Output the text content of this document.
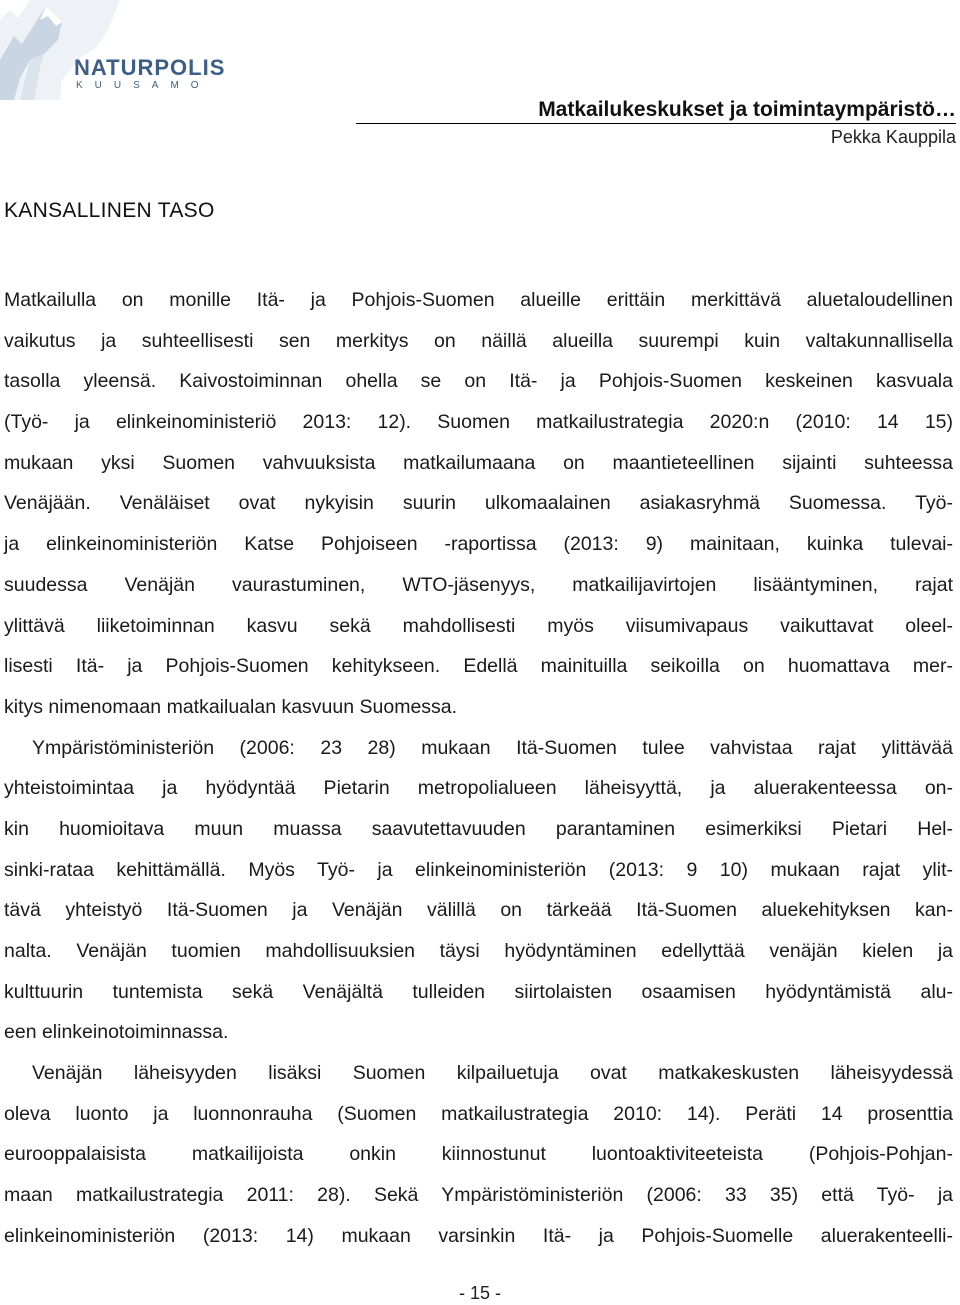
NATURPOLIS
KUUSAMO
Matkailukeskukset ja toimintaympäristö…
Pekka Kauppila
KANSALLINEN TASO
Matkailulla on monille Itä- ja Pohjois-Suomen alueille erittäin merkittävä aluetaloudellinen
vaikutus ja suhteellisesti sen merkitys on näillä alueilla suurempi kuin valtakunnallisella
tasolla yleensä. Kaivostoiminnan ohella se on Itä- ja Pohjois-Suomen keskeinen kasvuala
(Työ- ja elinkeinoministeriö 2013: 12). Suomen matkailustrategia 2020:n (2010: 14 15)
mukaan yksi Suomen vahvuuksista matkailumaana on maantieteellinen sijainti suhteessa
Venäjään. Venäläiset ovat nykyisin suurin ulkomaalainen asiakasryhmä Suomessa. Työ-
ja elinkeinoministeriön Katse Pohjoiseen -raportissa (2013: 9) mainitaan, kuinka tulevai-
suudessa Venäjän vaurastuminen, WTO-jäsenyys, matkailijavirtojen lisääntyminen, rajat
ylittävä liiketoiminnan kasvu sekä mahdollisesti myös viisumivapaus vaikuttavat oleel-
lisesti Itä- ja Pohjois-Suomen kehitykseen. Edellä mainituilla seikoilla on huomattava mer-
kitys nimenomaan matkailualan kasvuun Suomessa.
Ympäristöministeriön (2006: 23 28) mukaan Itä-Suomen tulee vahvistaa rajat ylittävää
yhteistoimintaa ja hyödyntää Pietarin metropolialueen läheisyyttä, ja aluerakenteessa on-
kin huomioitava muun muassa saavutettavuuden parantaminen esimerkiksi Pietari Hel-
sinki-rataa kehittämällä. Myös Työ- ja elinkeinoministeriön (2013: 9 10) mukaan rajat ylit-
tävä yhteistyö Itä-Suomen ja Venäjän välillä on tärkeää Itä-Suomen aluekehityksen kan-
nalta. Venäjän tuomien mahdollisuuksien täysi hyödyntäminen edellyttää venäjän kielen ja
kulttuurin tuntemista sekä Venäjältä tulleiden siirtolaisten osaamisen hyödyntämistä alu-
een elinkeinotoiminnassa.
Venäjän läheisyyden lisäksi Suomen kilpailuetuja ovat matkakeskusten läheisyydessä
oleva luonto ja luonnonrauha (Suomen matkailustrategia 2010: 14). Peräti 14 prosenttia
eurooppalaisista matkailijoista onkin kiinnostunut luontoaktiviteeteista (Pohjois-Pohjan-
maan matkailustrategia 2011: 28). Sekä Ympäristöministeriön (2006: 33 35) että Työ- ja
elinkeinoministeriön (2013: 14) mukaan varsinkin Itä- ja Pohjois-Suomelle aluerakenteelli-
- 15 -
